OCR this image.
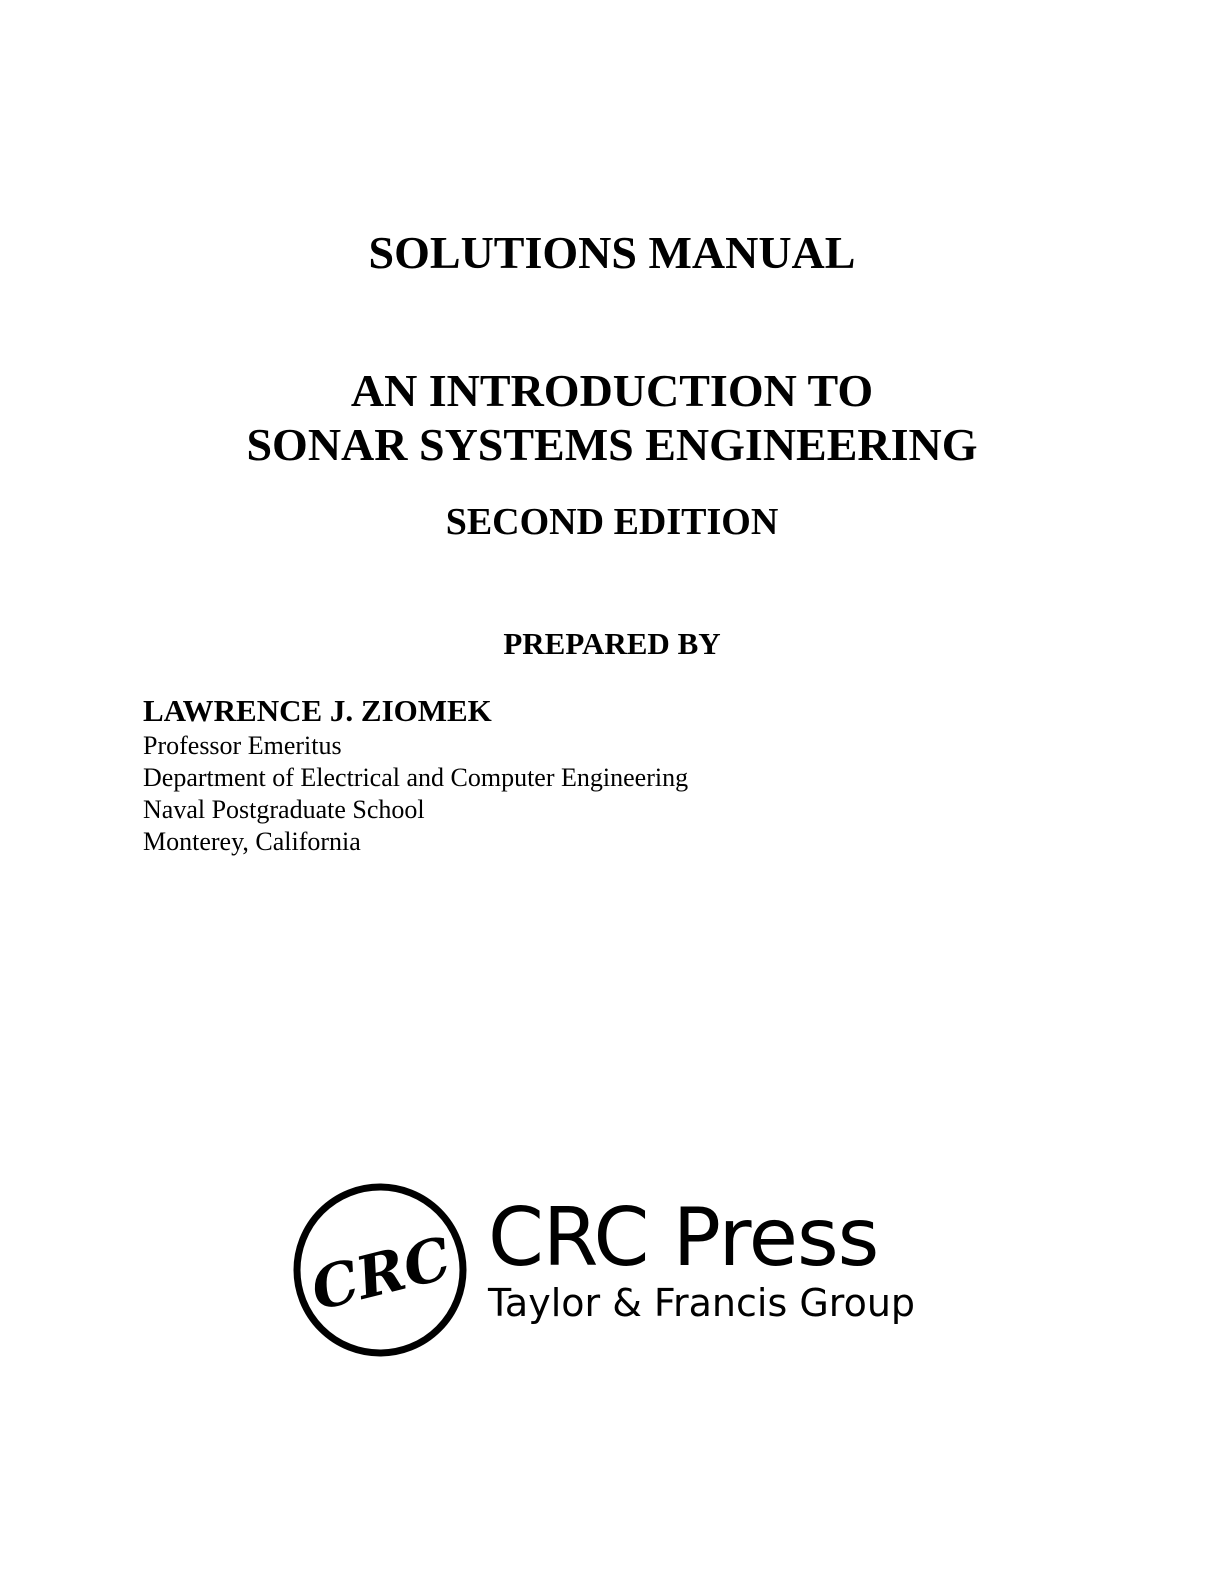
SOLUTIONS MANUAL
AN INTRODUCTION TO
SONAR SYSTEMS ENGINEERING
SECOND EDITION
PREPARED BY
LAWRENCE J. ZIOMEK
Professor Emeritus
Department of Electrical and Computer Engineering
Naval Postgraduate School
Monterey, California
CRC CRC Press
Taylor & Francis Group
